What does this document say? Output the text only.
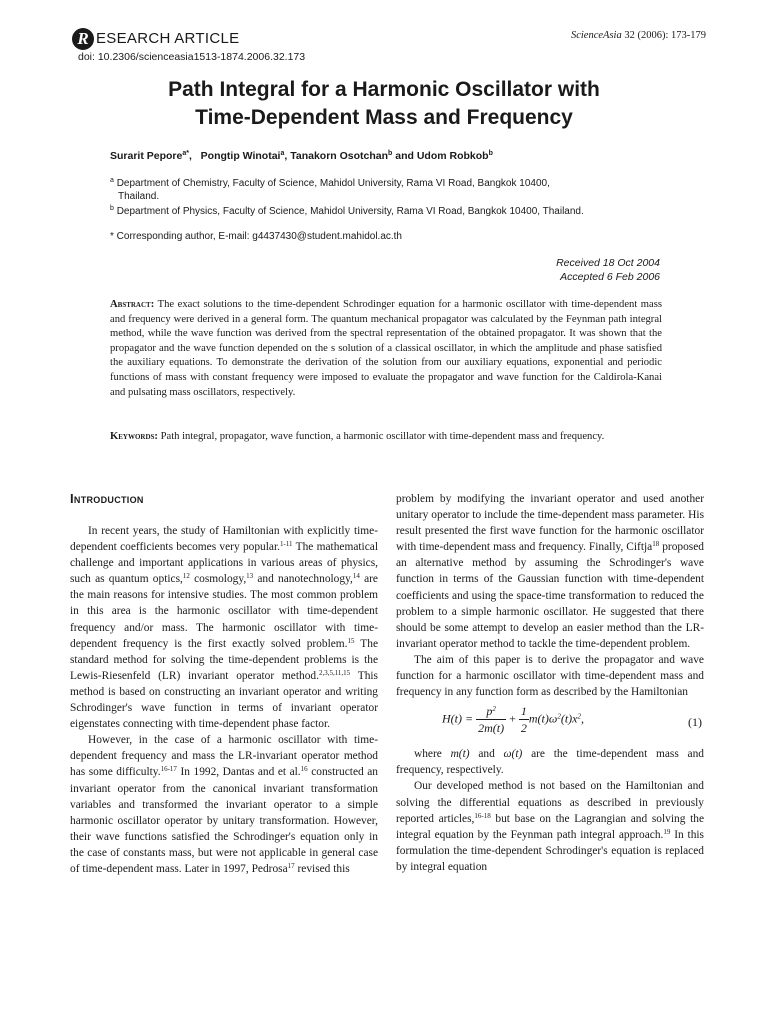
R ESEARCH ARTICLE
doi: 10.2306/scienceasia1513-1874.2006.32.173
ScienceAsia 32 (2006): 173-179
Path Integral for a Harmonic Oscillator with
Time-Dependent Mass and Frequency
Surarit Pepore$^{a*}$,   Pongtip Winotai$^a$, Tanakorn Osotchan$^b$ and Udom Robkob$^b$
$^a$ Department of Chemistry, Faculty of Science, Mahidol University, Rama VI Road, Bangkok 10400,
Thailand.
$^b$ Department of Physics, Faculty of Science, Mahidol University, Rama VI Road, Bangkok 10400, Thailand.
* Corresponding author, E-mail: g4437430@student.mahidol.ac.th
Received 18 Oct 2004
Accepted 6 Feb 2006
Abstract: The exact solutions to the time-dependent Schrodinger equation for a harmonic oscillator with time-dependent mass and frequency were derived in a general form. The quantum mechanical propagator was calculated by the Feynman path integral method, while the wave function was derived from the spectral representation of the obtained propagator. It was shown that the propagator and the wave function depended on the s solution of a classical oscillator, in which the amplitude and phase satisfied the auxiliary equations. To demonstrate the derivation of the solution from our auxiliary equations, exponential and periodic functions of mass with constant frequency were imposed to evaluate the propagator and wave function for the Caldirola-Kanai and pulsating mass oscillators, respectively.
Keywords: Path integral, propagator, wave function, a harmonic oscillator with time-dependent mass and frequency.
Introduction

In recent years, the study of Hamiltonian with explicitly time-dependent coefficients becomes very popular.$^{1-11}$ The mathematical challenge and important applications in various areas of physics, such as quantum optics,$^{12}$ cosmology,$^{13}$ and nanotechnology,$^{14}$ are the main reasons for intensive studies. The most common problem in this area is the harmonic oscillator with time-dependent frequency and/or mass. The harmonic oscillator with time-dependent frequency is the first exactly solved problem.$^{15}$ The standard method for solving the time-dependent problems is the Lewis-Riesenfeld (LR) invariant operator method.$^{2,3,5,11,15}$ This method is based on constructing an invariant operator and writing Schrodinger's wave function in terms of invariant operator eigenstates connecting with time-dependent phase factor.

However, in the case of a harmonic oscillator with time-dependent frequency and mass the LR-invariant operator method has some difficulty.$^{16-17}$ In 1992, Dantas and et al.$^{16}$ constructed an invariant operator from the canonical invariant transformation variables and transformed the invariant operator to a simple harmonic oscillator operator by unitary transformation. However, their wave functions satisfied the Schrodinger's equation only in the case of constants mass, but were not applicable in general case of time-dependent mass. Later in 1997, Pedrosa$^{17}$ revised this

problem by modifying the invariant operator and used another unitary operator to include the time-dependent mass parameter. His result presented the first wave function for the harmonic oscillator with time-dependent mass and frequency. Finally, Ciftja$^{18}$ proposed an alternative method by assuming the Schrodinger's wave function in terms of the Gaussian function with time-dependent coefficients and using the space-time transformation to reduced the problem to a simple harmonic oscillator. He suggested that there should be some attempt to develop an easier method than the LR-invariant operator method to tackle the time-dependent problem.

The aim of this paper is to derive the propagator and wave function for a harmonic oscillator with time-dependent mass and frequency in any function form as described by the Hamiltonian

$H(t) = \frac{p^2}{2m(t)} + \frac{1}{2} m(t)\omega^2(t)x^2$,	(1)

where m(t) and ω(t) are the time-dependent mass and frequency, respectively.

Our developed method is not based on the Hamiltonian and solving the differential equations as described in previously reported articles,$^{16-18}$ but base on the Lagrangian and solving the integral equation by the Feynman path integral approach.$^{19}$ In this formulation the time-dependent Schrodinger's equation is replaced by integral equation
